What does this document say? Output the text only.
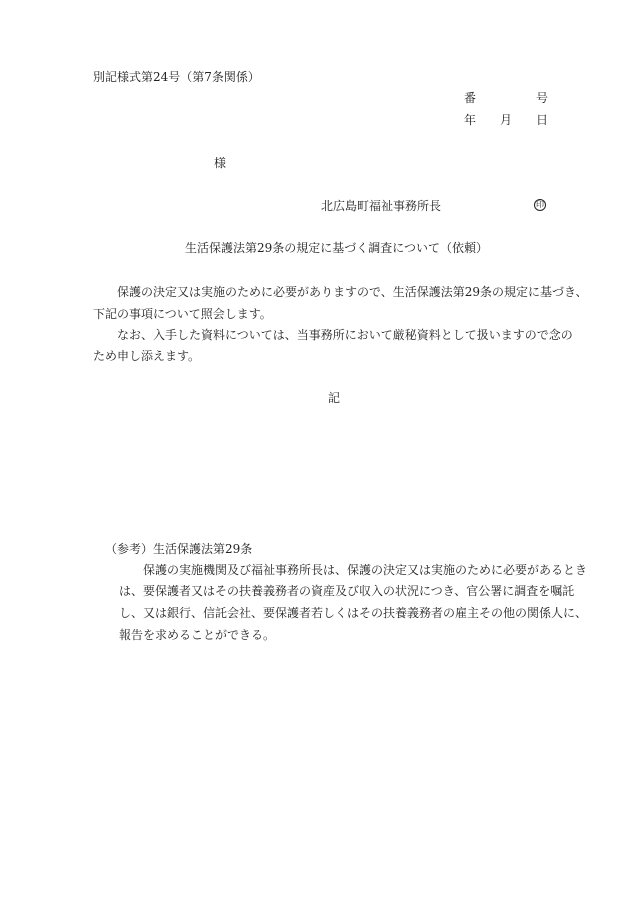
別記様式第24号（第7条関係）
番	号
年 月 日
様
北広島町福祉事務所長	印
生活保護法第29条の規定に基づく調査について（依頼）
　　保護の決定又は実施のために必要がありますので、生活保護法第29条の規定に基づき、
下記の事項について照会します。
　　なお、入手した資料については、当事務所において厳秘資料として扱いますので念の
ため申し添えます。
記
（参考）生活保護法第29条
　　保護の実施機関及び福祉事務所長は、保護の決定又は実施のために必要があるとき
は、要保護者又はその扶養義務者の資産及び収入の状況につき、官公署に調査を嘱託
し、又は銀行、信託会社、要保護者若しくはその扶養義務者の雇主その他の関係人に、
報告を求めることができる。
